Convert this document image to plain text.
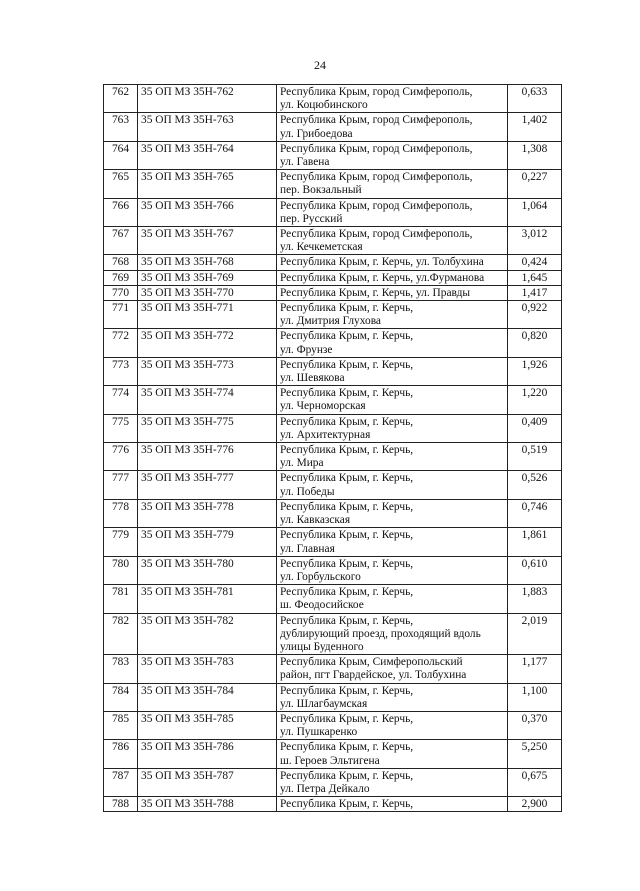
24
762	35 ОП МЗ 35Н-762	Республика Крым, город Симферополь,
ул. Коцюбинского	0,633
763	35 ОП МЗ 35Н-763	Республика Крым, город Симферополь,
ул. Грибоедова	1,402
764	35 ОП МЗ 35Н-764	Республика Крым, город Симферополь,
ул. Гавена	1,308
765	35 ОП МЗ 35Н-765	Республика Крым, город Симферополь,
пер. Вокзальный	0,227
766	35 ОП МЗ 35Н-766	Республика Крым, город Симферополь,
пер. Русский	1,064
767	35 ОП МЗ 35Н-767	Республика Крым, город Симферополь,
ул. Кечкеметская	3,012
768	35 ОП МЗ 35Н-768	Республика Крым, г. Керчь, ул. Толбухина	0,424
769	35 ОП МЗ 35Н-769	Республика Крым, г. Керчь, ул.Фурманова	1,645
770	35 ОП МЗ 35Н-770	Республика Крым, г. Керчь, ул. Правды	1,417
771	35 ОП МЗ 35Н-771	Республика Крым, г. Керчь,
ул. Дмитрия Глухова	0,922
772	35 ОП МЗ 35Н-772	Республика Крым, г. Керчь,
ул. Фрунзе	0,820
773	35 ОП МЗ 35Н-773	Республика Крым, г. Керчь,
ул. Шевякова	1,926
774	35 ОП МЗ 35Н-774	Республика Крым, г. Керчь,
ул. Черноморская	1,220
775	35 ОП МЗ 35Н-775	Республика Крым, г. Керчь,
ул. Архитектурная	0,409
776	35 ОП МЗ 35Н-776	Республика Крым, г. Керчь,
ул. Мира	0,519
777	35 ОП МЗ 35Н-777	Республика Крым, г. Керчь,
ул. Победы	0,526
778	35 ОП МЗ 35Н-778	Республика Крым, г. Керчь,
ул. Кавказская	0,746
779	35 ОП МЗ 35Н-779	Республика Крым, г. Керчь,
ул. Главная	1,861
780	35 ОП МЗ 35Н-780	Республика Крым, г. Керчь,
ул. Горбульского	0,610
781	35 ОП МЗ 35Н-781	Республика Крым, г. Керчь,
ш. Феодосийское	1,883
782	35 ОП МЗ 35Н-782	Республика Крым, г. Керчь,
дублирующий проезд, проходящий вдоль
улицы Буденного	2,019
783	35 ОП МЗ 35Н-783	Республика Крым, Симферопольский
район, пгт Гвардейское, ул. Толбухина	1,177
784	35 ОП МЗ 35Н-784	Республика Крым, г. Керчь,
ул. Шлагбаумская	1,100
785	35 ОП МЗ 35Н-785	Республика Крым, г. Керчь,
ул. Пушкаренко	0,370
786	35 ОП МЗ 35Н-786	Республика Крым, г. Керчь,
ш. Героев Эльтигена	5,250
787	35 ОП МЗ 35Н-787	Республика Крым, г. Керчь,
ул. Петра Дейкало	0,675
788	35 ОП МЗ 35Н-788	Республика Крым, г. Керчь,	2,900
